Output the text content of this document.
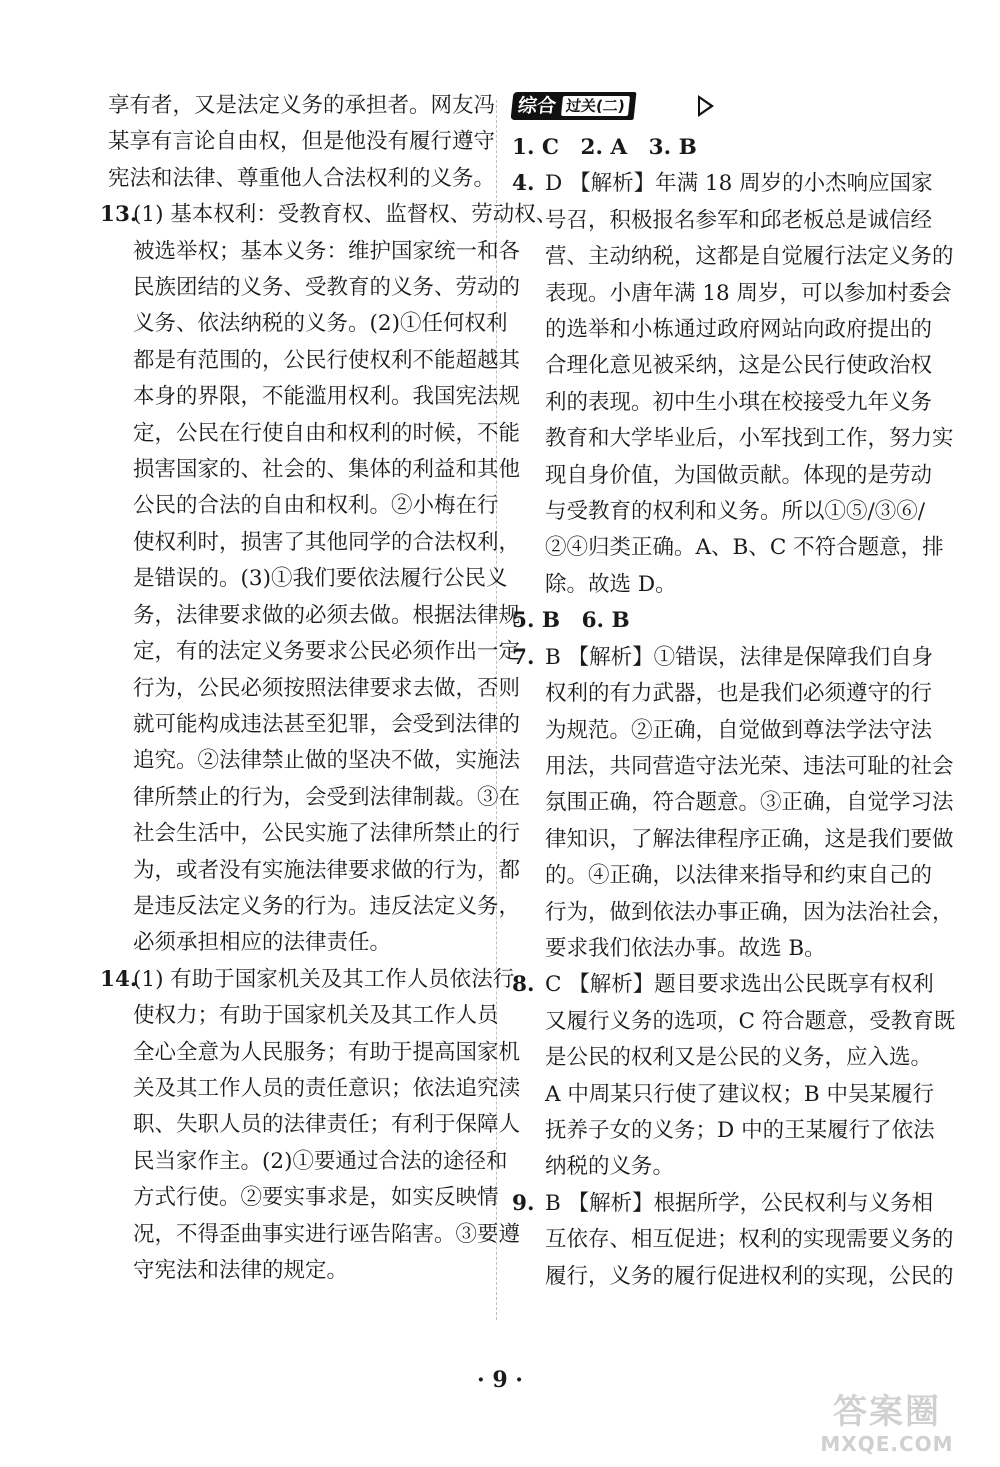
享有者，又是法定义务的承担者。网友冯
某享有言论自由权，但是他没有履行遵守
宪法和法律、尊重他人合法权利的义务。
13.
(1) 基本权利：受教育权、监督权、劳动权、
被选举权；基本义务：维护国家统一和各
民族团结的义务、受教育的义务、劳动的
义务、依法纳税的义务。(2)①任何权利
都是有范围的，公民行使权利不能超越其
本身的界限，不能滥用权利。我国宪法规
定，公民在行使自由和权利的时候，不能
损害国家的、社会的、集体的利益和其他
公民的合法的自由和权利。②小梅在行
使权利时，损害了其他同学的合法权利，
是错误的。(3)①我们要依法履行公民义
务，法律要求做的必须去做。根据法律规
定，有的法定义务要求公民必须作出一定
行为，公民必须按照法律要求去做，否则
就可能构成违法甚至犯罪，会受到法律的
追究。②法律禁止做的坚决不做，实施法
律所禁止的行为，会受到法律制裁。③在
社会生活中，公民实施了法律所禁止的行
为，或者没有实施法律要求做的行为，都
是违反法定义务的行为。违反法定义务，
必须承担相应的法律责任。
14.
(1) 有助于国家机关及其工作人员依法行
使权力；有助于国家机关及其工作人员
全心全意为人民服务；有助于提高国家机
关及其工作人员的责任意识；依法追究渎
职、失职人员的法律责任；有利于保障人
民当家作主。(2)①要通过合法的途径和
方式行使。②要实事求是，如实反映情
况，不得歪曲事实进行诬告陷害。③要遵
守宪法和法律的规定。
综合 过关(二)
1. C　2. A　3. B
4. D 【解析】年满 18 周岁的小杰响应国家
号召，积极报名参军和邱老板总是诚信经
营、主动纳税，这都是自觉履行法定义务的
表现。小唐年满 18 周岁，可以参加村委会
的选举和小栋通过政府网站向政府提出的
合理化意见被采纳，这是公民行使政治权
利的表现。初中生小琪在校接受九年义务
教育和大学毕业后，小军找到工作，努力实
现自身价值，为国做贡献。体现的是劳动
与受教育的权利和义务。所以①⑤/③⑥/
②④归类正确。A、B、C 不符合题意，排
除。故选 D。
5. B　6. B
7. B 【解析】①错误，法律是保障我们自身
权利的有力武器，也是我们必须遵守的行
为规范。②正确，自觉做到尊法学法守法
用法，共同营造守法光荣、违法可耻的社会
氛围正确，符合题意。③正确，自觉学习法
律知识，了解法律程序正确，这是我们要做
的。④正确，以法律来指导和约束自己的
行为，做到依法办事正确，因为法治社会，
要求我们依法办事。故选 B。
8. C 【解析】题目要求选出公民既享有权利
又履行义务的选项，C 符合题意，受教育既
是公民的权利又是公民的义务，应入选。
A 中周某只行使了建议权；B 中吴某履行
抚养子女的义务；D 中的王某履行了依法
纳税的义务。
9. B 【解析】根据所学，公民权利与义务相
互依存、相互促进；权利的实现需要义务的
履行，义务的履行促进权利的实现，公民的
· 9 ·
答案圈
MXQE.COM
